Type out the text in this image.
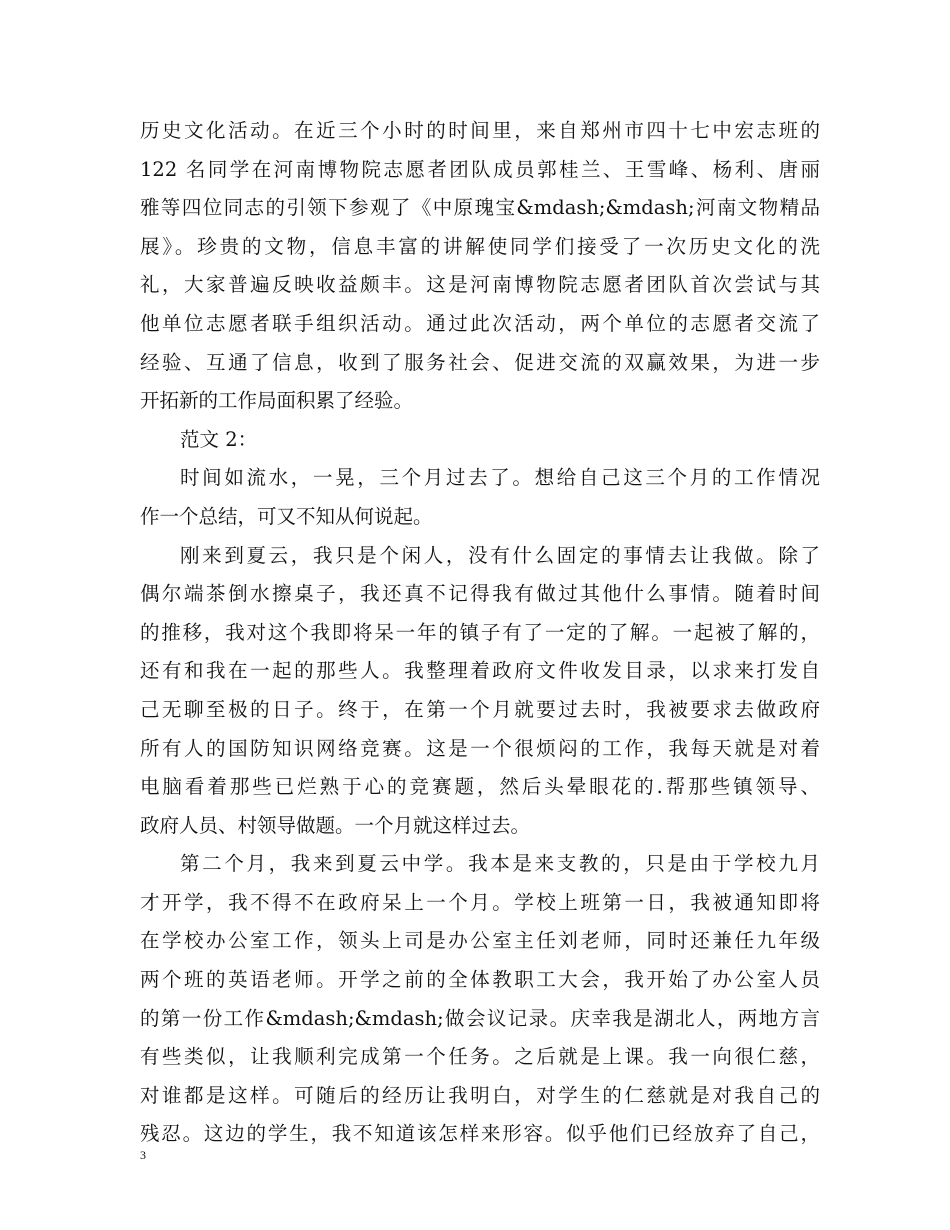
历史文化活动。在近三个小时的时间里，来自郑州市四十七中宏志班的
122 名同学在河南博物院志愿者团队成员郭桂兰、王雪峰、杨利、唐丽
雅等四位同志的引领下参观了《中原瑰宝&mdash;&mdash;河南文物精品
展》。珍贵的文物，信息丰富的讲解使同学们接受了一次历史文化的洗
礼，大家普遍反映收益颇丰。这是河南博物院志愿者团队首次尝试与其
他单位志愿者联手组织活动。通过此次活动，两个单位的志愿者交流了
经验、互通了信息，收到了服务社会、促进交流的双赢效果，为进一步
开拓新的工作局面积累了经验。
范文 2：
时间如流水，一晃，三个月过去了。想给自己这三个月的工作情况
作一个总结，可又不知从何说起。
刚来到夏云，我只是个闲人，没有什么固定的事情去让我做。除了
偶尔端茶倒水擦桌子，我还真不记得我有做过其他什么事情。随着时间
的推移，我对这个我即将呆一年的镇子有了一定的了解。一起被了解的，
还有和我在一起的那些人。我整理着政府文件收发目录，以求来打发自
己无聊至极的日子。终于，在第一个月就要过去时，我被要求去做政府
所有人的国防知识网络竞赛。这是一个很烦闷的工作，我每天就是对着
电脑看着那些已烂熟于心的竞赛题，然后头晕眼花的.帮那些镇领导、
政府人员、村领导做题。一个月就这样过去。
第二个月，我来到夏云中学。我本是来支教的，只是由于学校九月
才开学，我不得不在政府呆上一个月。学校上班第一日，我被通知即将
在学校办公室工作，领头上司是办公室主任刘老师，同时还兼任九年级
两个班的英语老师。开学之前的全体教职工大会，我开始了办公室人员
的第一份工作&mdash;&mdash;做会议记录。庆幸我是湖北人，两地方言
有些类似，让我顺利完成第一个任务。之后就是上课。我一向很仁慈，
对谁都是这样。可随后的经历让我明白，对学生的仁慈就是对我自己的
残忍。这边的学生，我不知道该怎样来形容。似乎他们已经放弃了自己，
3
